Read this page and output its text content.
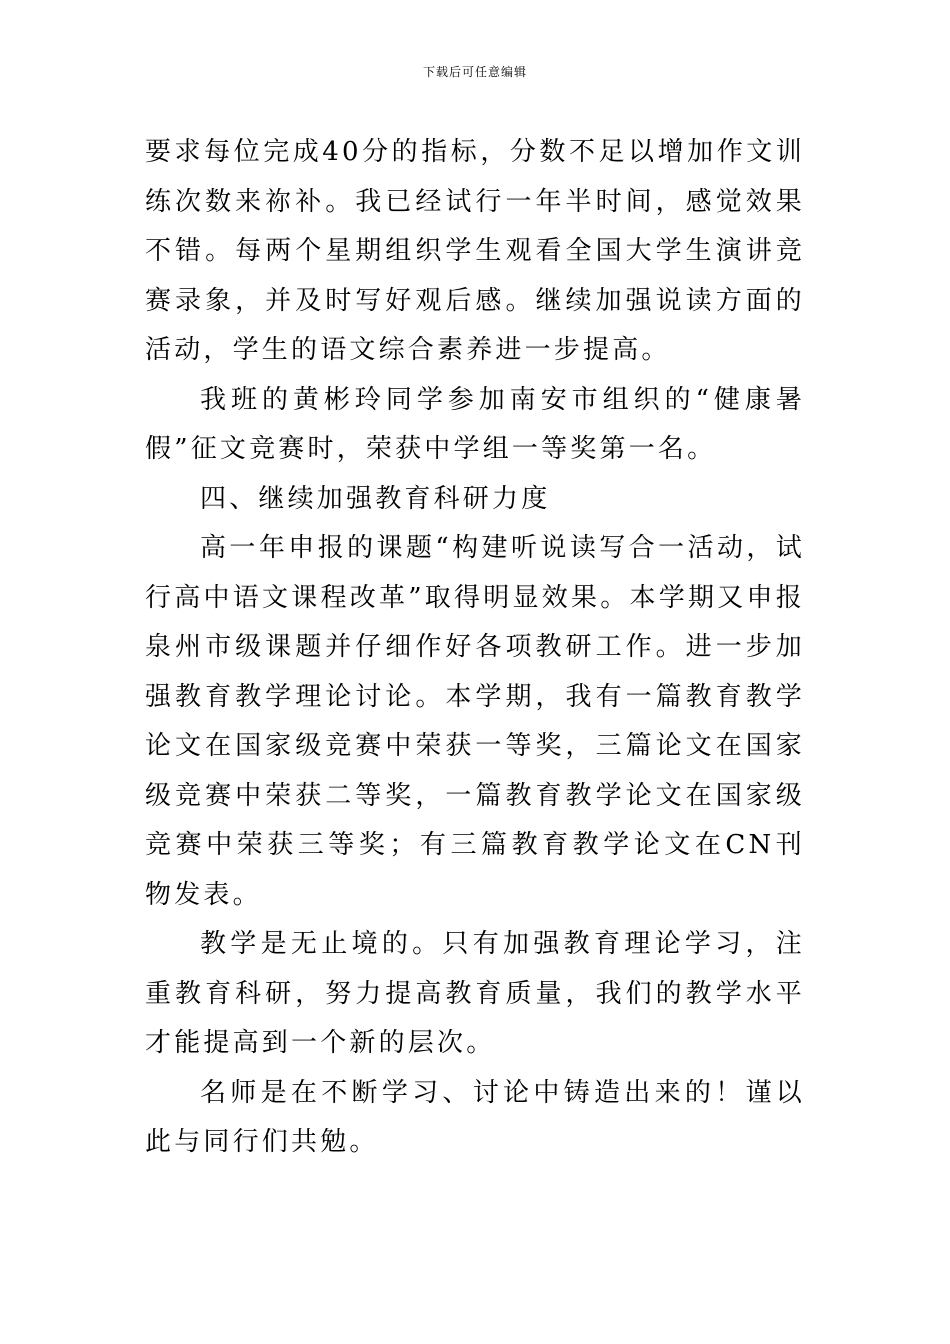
下载后可任意编辑

要求每位完成40分的指标，分数不足以增加作文训练次数来祢补。我已经试行一年半时间，感觉效果不错。每两个星期组织学生观看全国大学生演讲竞赛录象，并及时写好观后感。继续加强说读方面的活动，学生的语文综合素养进一步提高。

我班的黄彬玲同学参加南安市组织的“健康暑假”征文竞赛时，荣获中学组一等奖第一名。

四、继续加强教育科研力度

高一年申报的课题“构建听说读写合一活动，试行高中语文课程改革”取得明显效果。本学期又申报泉州市级课题并仔细作好各项教研工作。进一步加强教育教学理论讨论。本学期，我有一篇教育教学论文在国家级竞赛中荣获一等奖，三篇论文在国家级竞赛中荣获二等奖，一篇教育教学论文在国家级竞赛中荣获三等奖；有三篇教育教学论文在CN刊物发表。

教学是无止境的。只有加强教育理论学习，注重教育科研，努力提高教育质量，我们的教学水平才能提高到一个新的层次。

名师是在不断学习、讨论中铸造出来的！谨以此与同行们共勉。
